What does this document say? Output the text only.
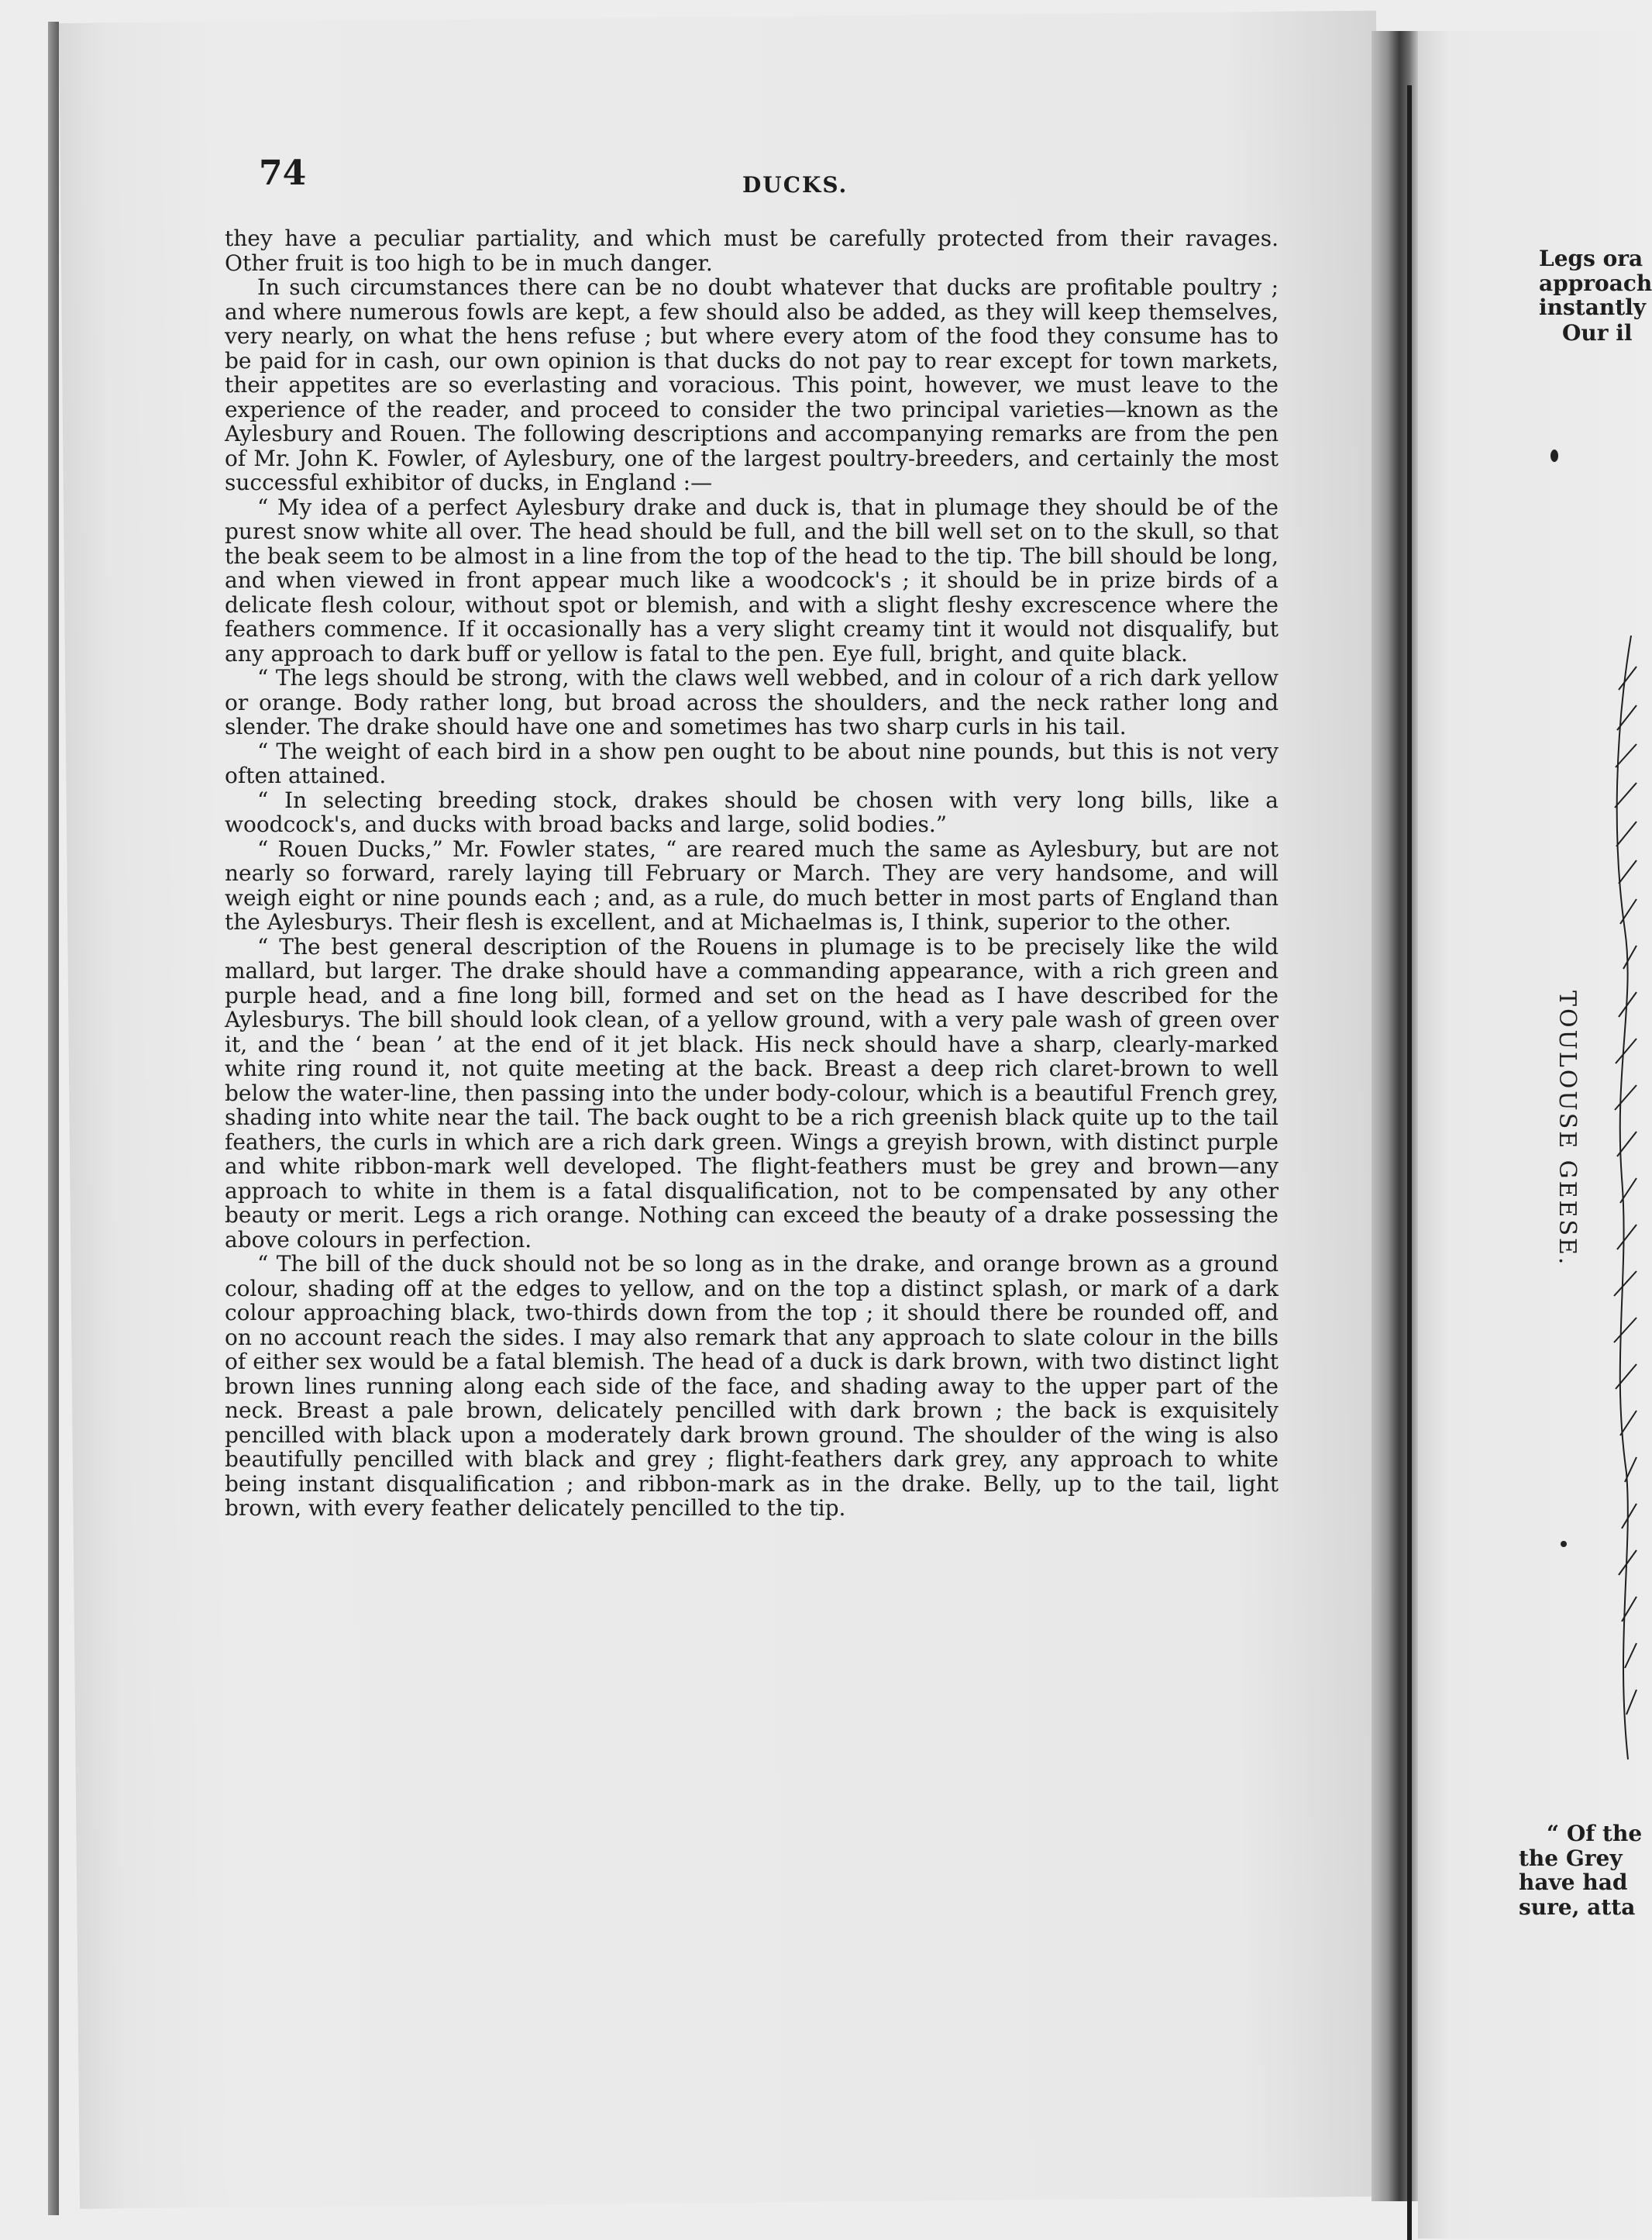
74	DUCKS.

they have a peculiar partiality, and which must be carefully protected from their ravages. Other fruit is too high to be in much danger.

In such circumstances there can be no doubt whatever that ducks are profitable poultry ; and where numerous fowls are kept, a few should also be added, as they will keep themselves, very nearly, on what the hens refuse ; but where every atom of the food they consume has to be paid for in cash, our own opinion is that ducks do not pay to rear except for town markets, their appetites are so everlasting and voracious. This point, however, we must leave to the experience of the reader, and proceed to consider the two principal varieties—known as the Aylesbury and Rouen. The following descriptions and accompanying remarks are from the pen of Mr. John K. Fowler, of Aylesbury, one of the largest poultry-breeders, and certainly the most successful exhibitor of ducks, in England :—

“ My idea of a perfect Aylesbury drake and duck is, that in plumage they should be of the purest snow white all over. The head should be full, and the bill well set on to the skull, so that the beak seem to be almost in a line from the top of the head to the tip. The bill should be long, and when viewed in front appear much like a woodcock's ; it should be in prize birds of a delicate flesh colour, without spot or blemish, and with a slight fleshy excrescence where the feathers commence. If it occasionally has a very slight creamy tint it would not disqualify, but any approach to dark buff or yellow is fatal to the pen. Eye full, bright, and quite black.

“ The legs should be strong, with the claws well webbed, and in colour of a rich dark yellow or orange. Body rather long, but broad across the shoulders, and the neck rather long and slender. The drake should have one and sometimes has two sharp curls in his tail.

“ The weight of each bird in a show pen ought to be about nine pounds, but this is not very often attained.

“ In selecting breeding stock, drakes should be chosen with very long bills, like a woodcock's, and ducks with broad backs and large, solid bodies.”

“ Rouen Ducks,” Mr. Fowler states, “ are reared much the same as Aylesbury, but are not nearly so forward, rarely laying till February or March. They are very handsome, and will weigh eight or nine pounds each ; and, as a rule, do much better in most parts of England than the Aylesburys. Their flesh is excellent, and at Michaelmas is, I think, superior to the other.

“ The best general description of the Rouens in plumage is to be precisely like the wild mallard, but larger. The drake should have a commanding appearance, with a rich green and purple head, and a fine long bill, formed and set on the head as I have described for the Aylesburys. The bill should look clean, of a yellow ground, with a very pale wash of green over it, and the ‘ bean ’ at the end of it jet black. His neck should have a sharp, clearly-marked white ring round it, not quite meeting at the back. Breast a deep rich claret-brown to well below the water-line, then passing into the under body-colour, which is a beautiful French grey, shading into white near the tail. The back ought to be a rich greenish black quite up to the tail feathers, the curls in which are a rich dark green. Wings a greyish brown, with distinct purple and white ribbon-mark well developed. The flight-feathers must be grey and brown—any approach to white in them is a fatal disqualification, not to be compensated by any other beauty or merit. Legs a rich orange. Nothing can exceed the beauty of a drake possessing the above colours in perfection.

“ The bill of the duck should not be so long as in the drake, and orange brown as a ground colour, shading off at the edges to yellow, and on the top a distinct splash, or mark of a dark colour approaching black, two-thirds down from the top ; it should there be rounded off, and on no account reach the sides. I may also remark that any approach to slate colour in the bills of either sex would be a fatal blemish. The head of a duck is dark brown, with two distinct light brown lines running along each side of the face, and shading away to the upper part of the neck. Breast a pale brown, delicately pencilled with dark brown ; the back is exquisitely pencilled with black upon a moderately dark brown ground. The shoulder of the wing is also beautifully pencilled with black and grey ; flight-feathers dark grey, any approach to white being instant disqualification ; and ribbon-mark as in the drake. Belly, up to the tail, light brown, with every feather delicately pencilled to the tip.

Legs ora
approach
instantly
Our il
TOULOUSE GEESE.
“ Of the
the Grey
have had
sure, atta
